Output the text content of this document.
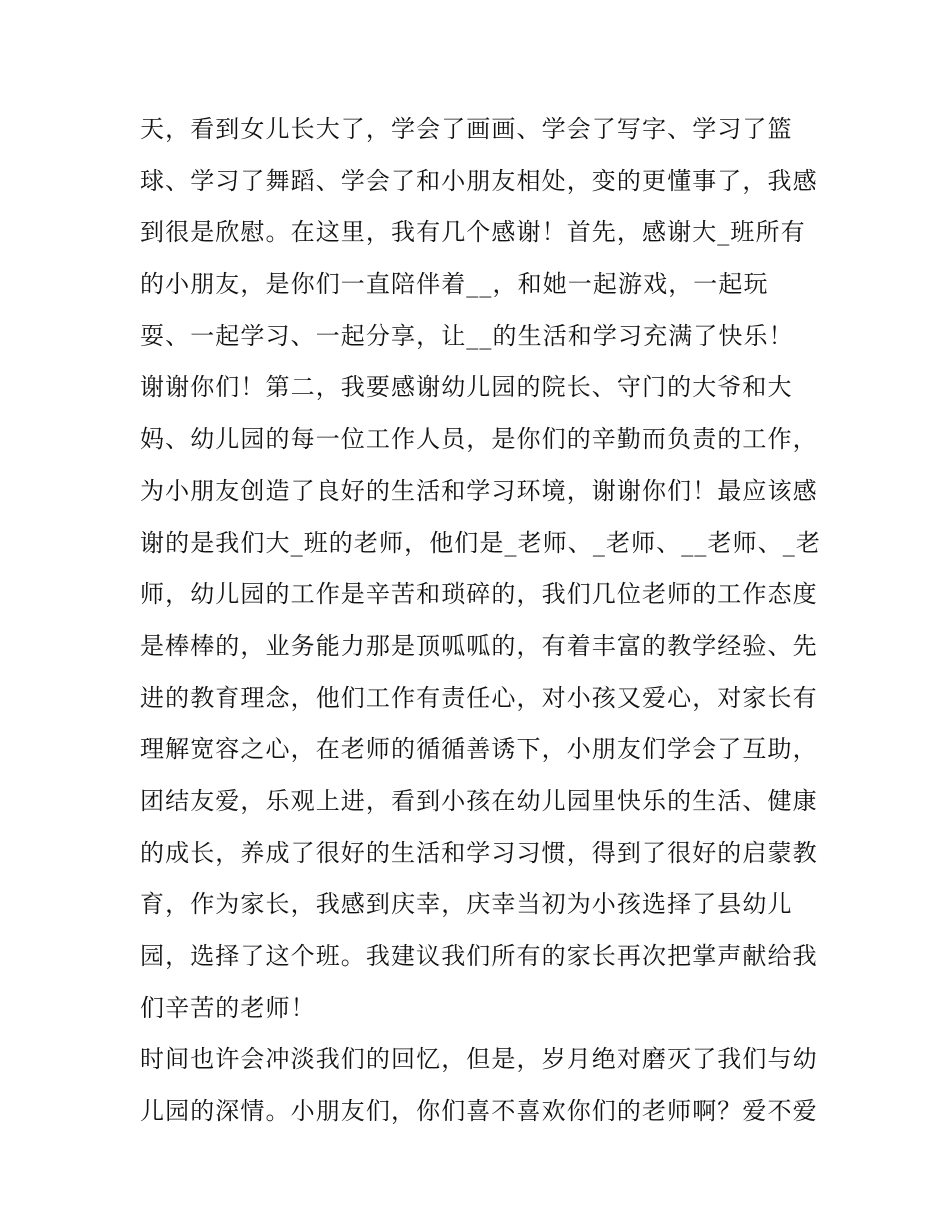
天，看到女儿长大了，学会了画画、学会了写字、学习了篮
球、学习了舞蹈、学会了和小朋友相处，变的更懂事了，我感
到很是欣慰。在这里，我有几个感谢！首先，感谢大_班所有
的小朋友，是你们一直陪伴着__，和她一起游戏，一起玩
耍、一起学习、一起分享，让__的生活和学习充满了快乐！
谢谢你们！第二，我要感谢幼儿园的院长、守门的大爷和大
妈、幼儿园的每一位工作人员，是你们的辛勤而负责的工作，
为小朋友创造了良好的生活和学习环境，谢谢你们！最应该感
谢的是我们大_班的老师，他们是_老师、_老师、__老师、_老
师，幼儿园的工作是辛苦和琐碎的，我们几位老师的工作态度
是棒棒的，业务能力那是顶呱呱的，有着丰富的教学经验、先
进的教育理念，他们工作有责任心，对小孩又爱心，对家长有
理解宽容之心，在老师的循循善诱下，小朋友们学会了互助，
团结友爱，乐观上进，看到小孩在幼儿园里快乐的生活、健康
的成长，养成了很好的生活和学习习惯，得到了很好的启蒙教
育，作为家长，我感到庆幸，庆幸当初为小孩选择了县幼儿
园，选择了这个班。我建议我们所有的家长再次把掌声献给我
们辛苦的老师！
时间也许会冲淡我们的回忆，但是，岁月绝对磨灭了我们与幼
儿园的深情。小朋友们，你们喜不喜欢你们的老师啊？爱不爱
